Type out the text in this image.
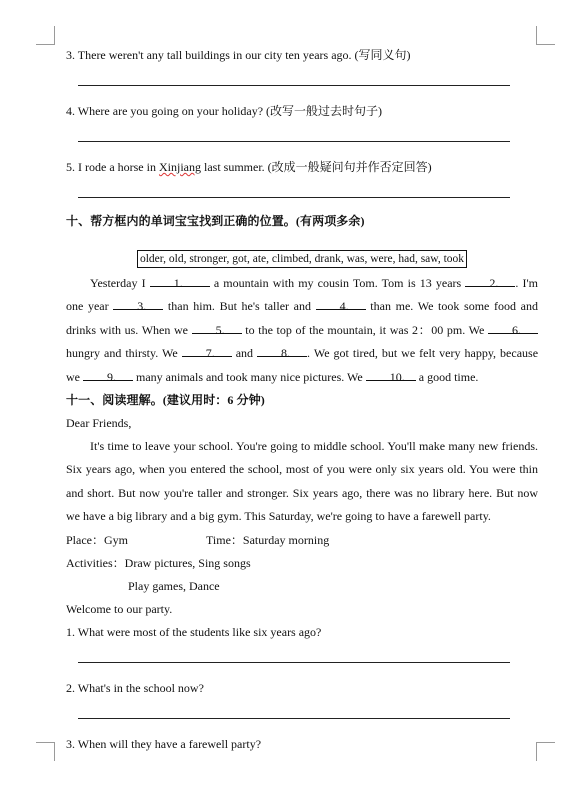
3. There weren't any tall buildings in our city ten years ago. (写同义句)
4. Where are you going on your holiday? (改写一般过去时句子)
5. I rode a horse in Xinjiang last summer. (改成一般疑问句并作否定回答)
十、帮方框内的单词宝宝找到正确的位置。(有两项多余)
older, old, stronger, got, ate, climbed, drank, was, were, had, saw, took
Yesterday I 1. a mountain with my cousin Tom. Tom is 13 years 2. . I'm one year 3. than him. But he's taller and 4. than me. We took some food and drinks with us. When we 5. to the top of the mountain, it was 2：00 pm. We 6. hungry and thirsty. We 7. and 8. . We got tired, but we felt very happy, because we 9. many animals and took many nice pictures. We 10. a good time.
十一、阅读理解。(建议用时：6 分钟)
Dear Friends,
It's time to leave your school. You're going to middle school. You'll make many new friends. Six years ago, when you entered the school, most of you were only six years old. You were thin and short. But now you're taller and stronger. Six years ago, there was no library here. But now we have a big library and a big gym. This Saturday, we're going to have a farewell party.
Place：Gym	Time：Saturday morning
Activities：Draw pictures, Sing songs
Play games, Dance
Welcome to our party.
1. What were most of the students like six years ago?
2. What's in the school now?
3. When will they have a farewell party?
